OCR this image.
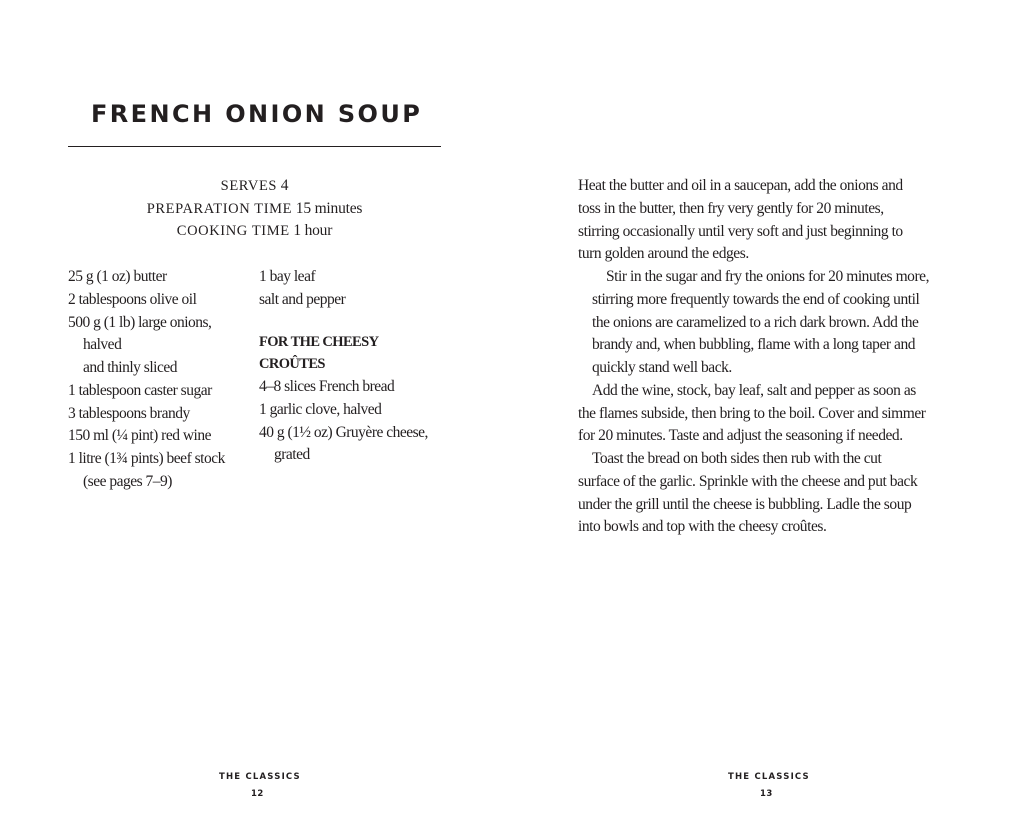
FRENCH ONION SOUP
SERVES 4
PREPARATION TIME 15 minutes
COOKING TIME 1 hour
25 g (1 oz) butter
2 tablespoons olive oil
500 g (1 lb) large onions,
halved
and thinly sliced
1 tablespoon caster sugar
3 tablespoons brandy
150 ml (¼ pint) red wine
1 litre (1¾ pints) beef stock
(see pages 7–9)
1 bay leaf
salt and pepper
FOR THE CHEESY
CROÛTES
4–8 slices French bread
1 garlic clove, halved
40 g (1½ oz) Gruyère cheese,
grated
THE CLASSICS
12

Heat the butter and oil in a saucepan, add the onions and
toss in the butter, then fry very gently for 20 minutes,
stirring occasionally until very soft and just beginning to
turn golden around the edges.

Stir in the sugar and fry the onions for 20 minutes more,
stirring more frequently towards the end of cooking until
the onions are caramelized to a rich dark brown. Add the
brandy and, when bubbling, flame with a long taper and
quickly stand well back.

Add the wine, stock, bay leaf, salt and pepper as soon as
the flames subside, then bring to the boil. Cover and simmer
for 20 minutes. Taste and adjust the seasoning if needed.

Toast the bread on both sides then rub with the cut
surface of the garlic. Sprinkle with the cheese and put back
under the grill until the cheese is bubbling. Ladle the soup
into bowls and top with the cheesy croûtes.

THE CLASSICS
13
